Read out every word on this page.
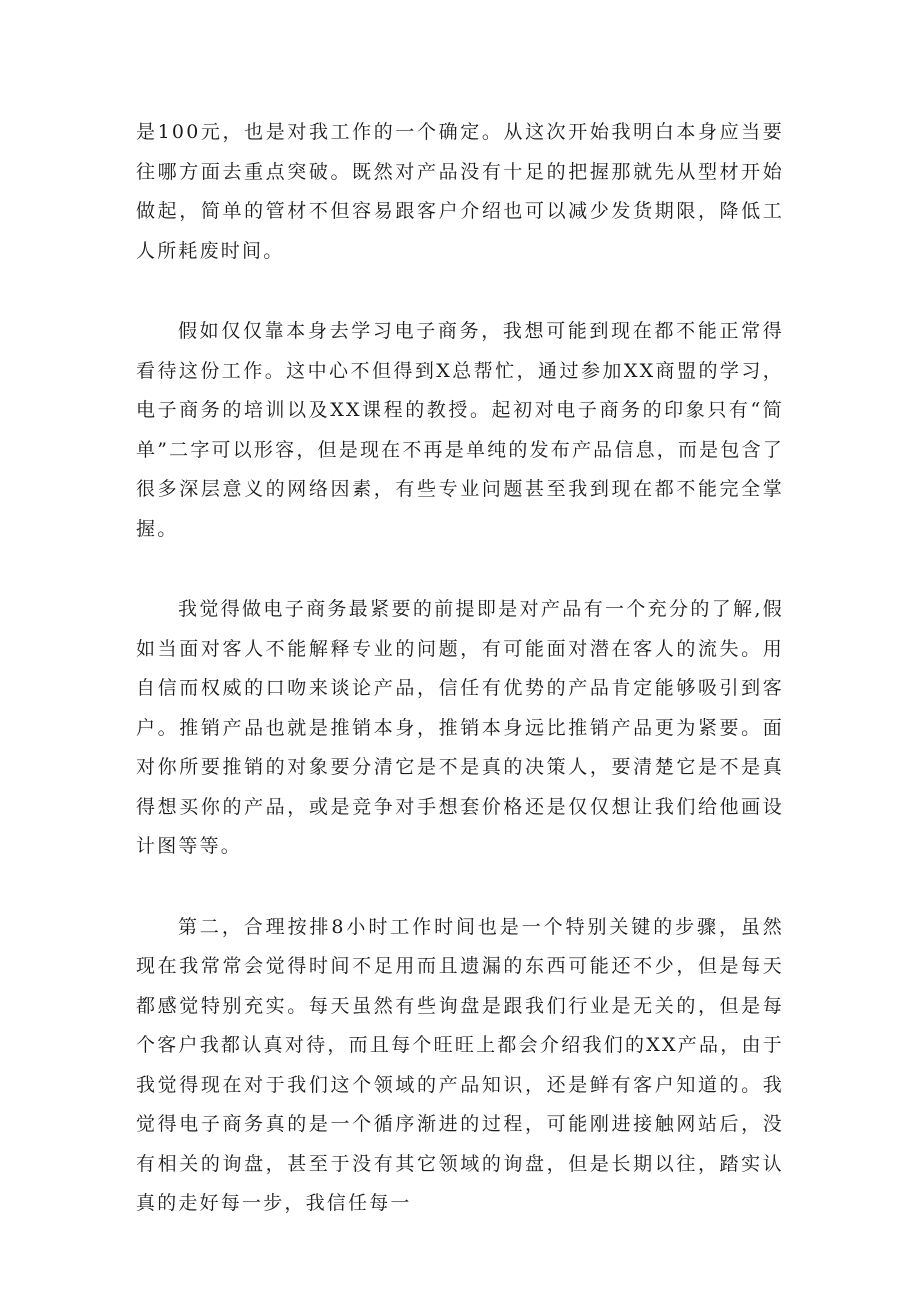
是100元，也是对我工作的一个确定。从这次开始我明白本身应当要往哪方面去重点突破。既然对产品没有十足的把握那就先从型材开始做起，简单的管材不但容易跟客户介绍也可以减少发货期限，降低工人所耗废时间。

假如仅仅靠本身去学习电子商务，我想可能到现在都不能正常得看待这份工作。这中心不但得到X总帮忙，通过参加XX商盟的学习，电子商务的培训以及XX课程的教授。起初对电子商务的印象只有“简单”二字可以形容，但是现在不再是单纯的发布产品信息，而是包含了很多深层意义的网络因素，有些专业问题甚至我到现在都不能完全掌握。

我觉得做电子商务最紧要的前提即是对产品有一个充分的了解,假如当面对客人不能解释专业的问题，有可能面对潜在客人的流失。用自信而权威的口吻来谈论产品，信任有优势的产品肯定能够吸引到客户。推销产品也就是推销本身，推销本身远比推销产品更为紧要。面对你所要推销的对象要分清它是不是真的决策人，要清楚它是不是真得想买你的产品，或是竞争对手想套价格还是仅仅想让我们给他画设计图等等。

第二，合理按排8小时工作时间也是一个特别关键的步骤，虽然现在我常常会觉得时间不足用而且遗漏的东西可能还不少，但是每天都感觉特别充实。每天虽然有些询盘是跟我们行业是无关的，但是每个客户我都认真对待，而且每个旺旺上都会介绍我们的XX产品，由于我觉得现在对于我们这个领域的产品知识，还是鲜有客户知道的。我觉得电子商务真的是一个循序渐进的过程，可能刚进接触网站后，没有相关的询盘，甚至于没有其它领域的询盘，但是长期以往，踏实认真的走好每一步，我信任每一
